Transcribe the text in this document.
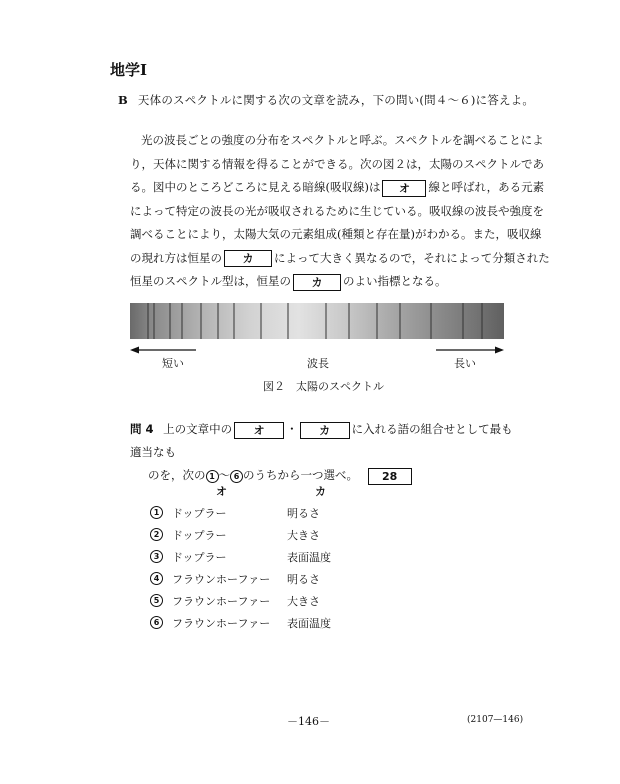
地学Ⅰ
B 天体のスペクトルに関する次の文章を読み，下の問い(問４～６)に答えよ。
光の波長ごとの強度の分布をスペクトルと呼ぶ。スペクトルを調べることによ
り，天体に関する情報を得ることができる。次の図２は，太陽のスペクトルであ
る。図中のところどころに見える暗線(吸収線)は オ 線と呼ばれ，ある元素
によって特定の波長の光が吸収されるために生じている。吸収線の波長や強度を
調べることにより，太陽大気の元素組成(種類と存在量)がわかる。また，吸収線
の現れ方は恒星の カ によって大きく異なるので，それによって分類された
恒星のスペクトル型は，恒星の カ のよい指標となる。
短い	波長	長い
図２　太陽のスペクトル
問 4 上の文章中の オ ・ カ に入れる語の組合せとして最も適当なも
のを，次の 1 ～ 6 のうちから一つ選べ。 28
オ	カ
1	ドップラー	明るさ
2	ドップラー	大きさ
3	ドップラー	表面温度
4	フラウンホーファー 明るさ
5	フラウンホーファー 大きさ
6	フラウンホーファー 表面温度
－146－	(2107—146)
